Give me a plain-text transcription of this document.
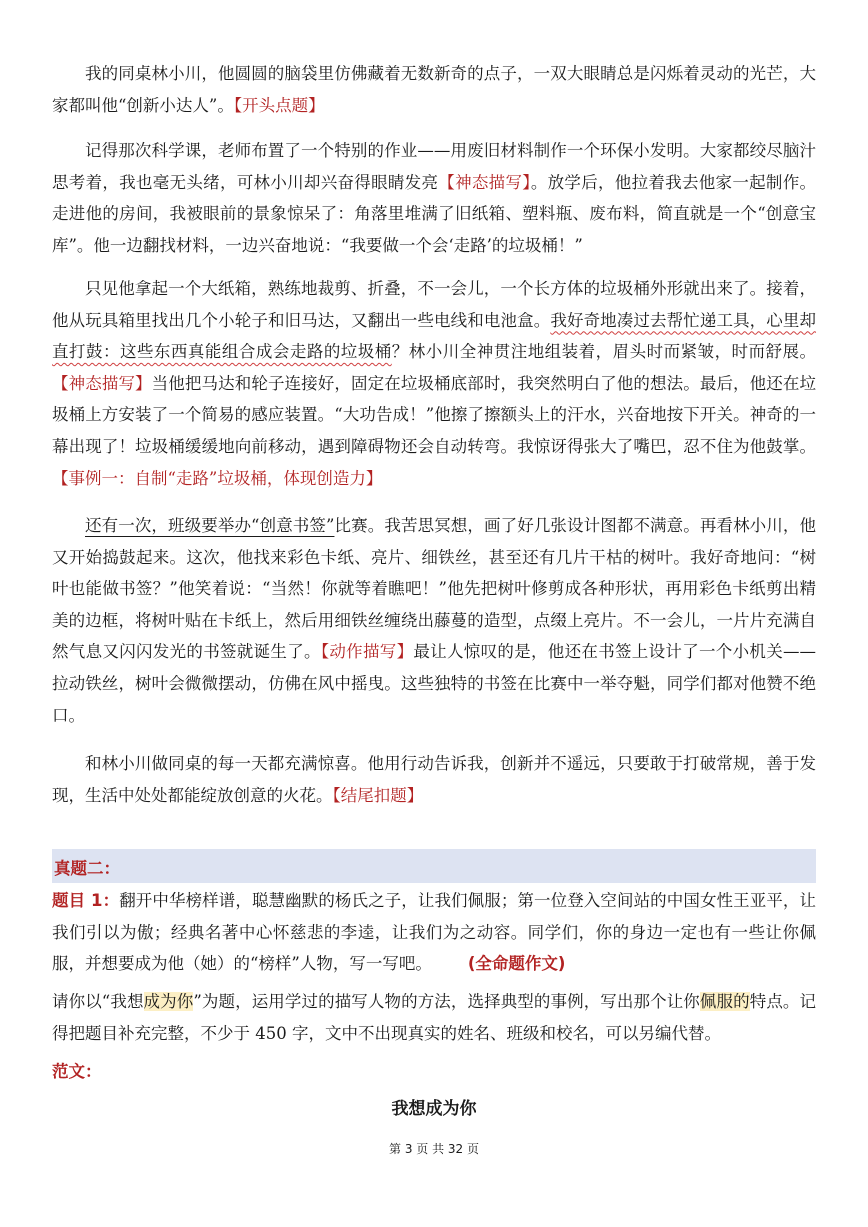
我的同桌林小川，他圆圆的脑袋里仿佛藏着无数新奇的点子，一双大眼睛总是闪烁着灵动的光芒，大家都叫他“创新小达人”。【开头点题】
记得那次科学课，老师布置了一个特别的作业——用废旧材料制作一个环保小发明。大家都绞尽脑汁思考着，我也毫无头绪，可林小川却兴奋得眼睛发亮【神态描写】。放学后，他拉着我去他家一起制作。走进他的房间，我被眼前的景象惊呆了：角落里堆满了旧纸箱、塑料瓶、废布料，简直就是一个“创意宝库”。他一边翻找材料，一边兴奋地说：“我要做一个会‘走路’的垃圾桶！”
只见他拿起一个大纸箱，熟练地裁剪、折叠，不一会儿，一个长方体的垃圾桶外形就出来了。接着，他从玩具箱里找出几个小轮子和旧马达，又翻出一些电线和电池盒。我好奇地凑过去帮忙递工具，心里却直打鼓：这些东西真能组合成会走路的垃圾桶？林小川全神贯注地组装着，眉头时而紧皱，时而舒展。【神态描写】当他把马达和轮子连接好，固定在垃圾桶底部时，我突然明白了他的想法。最后，他还在垃圾桶上方安装了一个简易的感应装置。“大功告成！”他擦了擦额头上的汗水，兴奋地按下开关。神奇的一幕出现了！垃圾桶缓缓地向前移动，遇到障碍物还会自动转弯。我惊讶得张大了嘴巴，忍不住为他鼓掌。【事例一：自制“走路”垃圾桶，体现创造力】
还有一次，班级要举办“创意书签”比赛。我苦思冥想，画了好几张设计图都不满意。再看林小川，他又开始捣鼓起来。这次，他找来彩色卡纸、亮片、细铁丝，甚至还有几片干枯的树叶。我好奇地问：“树叶也能做书签？”他笑着说：“当然！你就等着瞧吧！”他先把树叶修剪成各种形状，再用彩色卡纸剪出精美的边框，将树叶贴在卡纸上，然后用细铁丝缠绕出藤蔓的造型，点缀上亮片。不一会儿，一片片充满自然气息又闪闪发光的书签就诞生了。【动作描写】最让人惊叹的是，他还在书签上设计了一个小机关——拉动铁丝，树叶会微微摆动，仿佛在风中摇曳。这些独特的书签在比赛中一举夺魁，同学们都对他赞不绝口。
和林小川做同桌的每一天都充满惊喜。他用行动告诉我，创新并不遥远，只要敢于打破常规，善于发现，生活中处处都能绽放创意的火花。【结尾扣题】
真题二：
题目 1：翻开中华榜样谱，聪慧幽默的杨氏之子，让我们佩服；第一位登入空间站的中国女性王亚平，让我们引以为傲；经典名著中心怀慈悲的李逵，让我们为之动容。同学们，你的身边一定也有一些让你佩服，并想要成为他（她）的“榜样”人物，写一写吧。 (全命题作文)
请你以“我想成为你”为题，运用学过的描写人物的方法，选择典型的事例，写出那个让你佩服的特点。记得把题目补充完整，不少于 450 字，文中不出现真实的姓名、班级和校名，可以另编代替。
范文：
我想成为你
第 3 页 共 32 页
